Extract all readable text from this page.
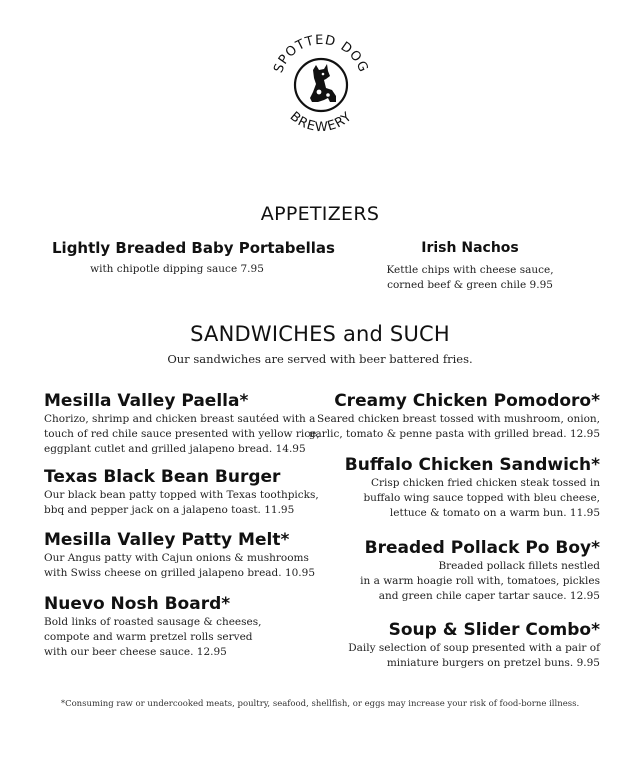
SPOTTED DOG
BREWERY
APPETIZERS
Lightly Breaded Baby Portabellas
with chipotle dipping sauce 7.95
Irish Nachos
Kettle chips with cheese sauce,
corned beef & green chile 9.95
SANDWICHES and SUCH
Our sandwiches are served with beer battered fries.
Mesilla Valley Paella*
Chorizo, shrimp and chicken breast sautéed with a
touch of red chile sauce presented with yellow rice,
eggplant cutlet and grilled jalapeno bread. 14.95
Texas Black Bean Burger
Our black bean patty topped with Texas toothpicks,
bbq and pepper jack on a jalapeno toast. 11.95
Mesilla Valley Patty Melt*
Our Angus patty with Cajun onions & mushrooms
with Swiss cheese on grilled jalapeno bread. 10.95
Nuevo Nosh Board*
Bold links of roasted sausage & cheeses,
compote and warm pretzel rolls served
with our beer cheese sauce. 12.95
Creamy Chicken Pomodoro*
Seared chicken breast tossed with mushroom, onion,
garlic, tomato & penne pasta with grilled bread. 12.95
Buffalo Chicken Sandwich*
Crisp chicken fried chicken steak tossed in
buffalo wing sauce topped with bleu cheese,
lettuce & tomato on a warm bun. 11.95
Breaded Pollack Po Boy*
Breaded pollack fillets nestled
in a warm hoagie roll with, tomatoes, pickles
and green chile caper tartar sauce. 12.95
Soup & Slider Combo*
Daily selection of soup presented with a pair of
miniature burgers on pretzel buns. 9.95
*Consuming raw or undercooked meats, poultry, seafood, shellfish, or eggs may increase your risk of food-borne illness.
